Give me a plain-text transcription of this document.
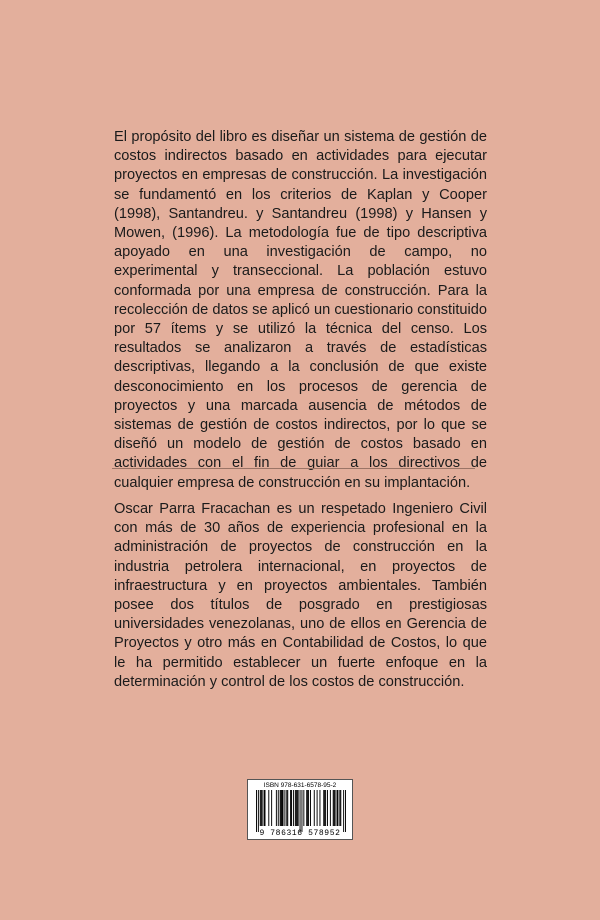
El propósito del libro es diseñar un sistema de gestión de costos indirectos basado en actividades para ejecutar proyectos en empresas de construcción. La investigación se fundamentó en los criterios de Kaplan y Cooper (1998), Santandreu. y Santandreu (1998) y Hansen y Mowen, (1996). La metodología fue de tipo descriptiva apoyado en una investigación de campo, no experimental y transeccional. La población estuvo conformada por una empresa de construcción. Para la recolección de datos se aplicó un cuestionario constituido por 57 ítems y se utilizó la técnica del censo. Los resultados se analizaron a través de estadísticas descriptivas, llegando a la conclusión de que existe desconocimiento en los procesos de gerencia de proyectos y una marcada ausencia de métodos de sistemas de gestión de costos indirectos, por lo que se diseñó un modelo de gestión de costos basado en actividades con el fin de guiar a los directivos de cualquier empresa de construcción en su implantación.

Oscar Parra Fracachan es un respetado Ingeniero Civil con más de 30 años de experiencia profesional en la administración de proyectos de construcción en la industria petrolera internacional, en proyectos de infraestructura y en proyectos ambientales. También posee dos títulos de posgrado en prestigiosas universidades venezolanas, uno de ellos en Gerencia de Proyectos y otro más en Contabilidad de Costos, lo que le ha permitido establecer un fuerte enfoque en la determinación y control de los costos de construcción.

ISBN 978-631-6578-95-2
9 786316 578952
